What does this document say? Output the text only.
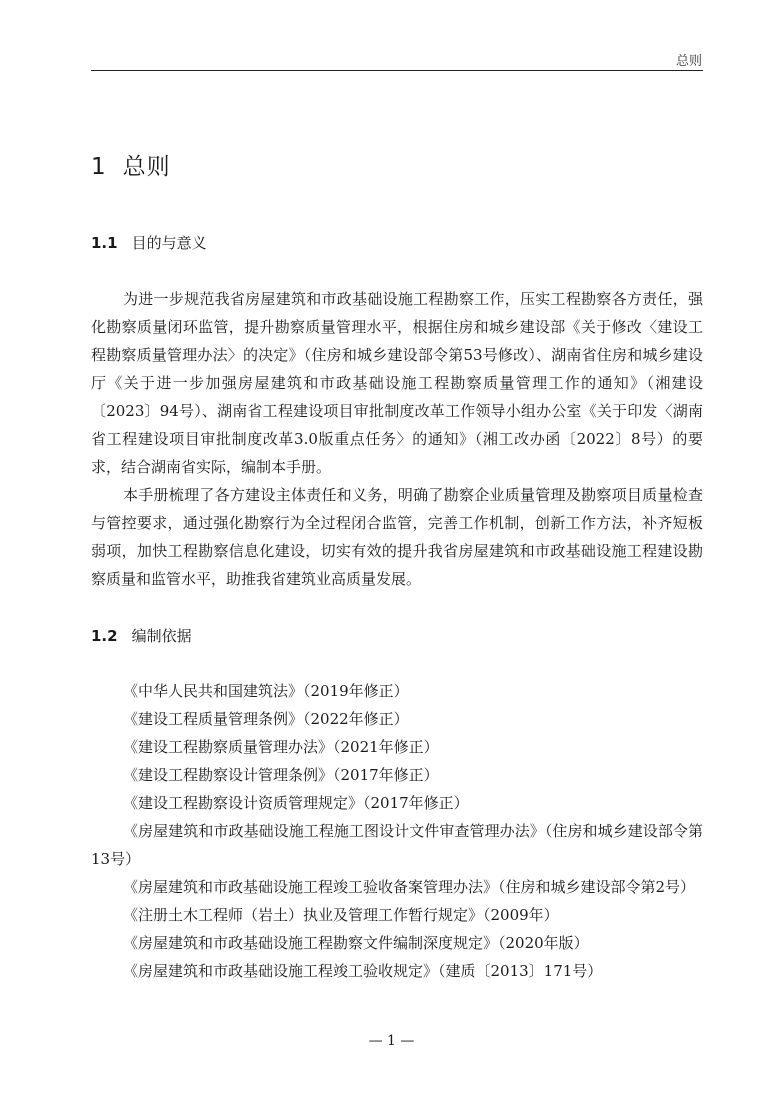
总则
1 总则
1.1 目的与意义

为进一步规范我省房屋建筑和市政基础设施工程勘察工作，压实工程勘察各方责任，强化勘察质量闭环监管，提升勘察质量管理水平，根据住房和城乡建设部《关于修改〈建设工程勘察质量管理办法〉的决定》（住房和城乡建设部令第53号修改）、湖南省住房和城乡建设厅《关于进一步加强房屋建筑和市政基础设施工程勘察质量管理工作的通知》（湘建设〔2023〕94号）、湖南省工程建设项目审批制度改革工作领导小组办公室《关于印发〈湖南省工程建设项目审批制度改革3.0版重点任务〉的通知》（湘工改办函〔2022〕8号）的要求，结合湖南省实际，编制本手册。

本手册梳理了各方建设主体责任和义务，明确了勘察企业质量管理及勘察项目质量检查与管控要求，通过强化勘察行为全过程闭合监管，完善工作机制，创新工作方法，补齐短板弱项，加快工程勘察信息化建设，切实有效的提升我省房屋建筑和市政基础设施工程建设勘察质量和监管水平，助推我省建筑业高质量发展。

1.2 编制依据

《中华人民共和国建筑法》（2019年修正）

《建设工程质量管理条例》（2022年修正）

《建设工程勘察质量管理办法》（2021年修正）

《建设工程勘察设计管理条例》（2017年修正）

《建设工程勘察设计资质管理规定》（2017年修正）

《房屋建筑和市政基础设施工程施工图设计文件审查管理办法》（住房和城乡建设部令第13号）

《房屋建筑和市政基础设施工程竣工验收备案管理办法》（住房和城乡建设部令第2号）

《注册土木工程师（岩土）执业及管理工作暂行规定》（2009年）

《房屋建筑和市政基础设施工程勘察文件编制深度规定》（2020年版）

《房屋建筑和市政基础设施工程竣工验收规定》（建质〔2013〕171号）

— 1 —
